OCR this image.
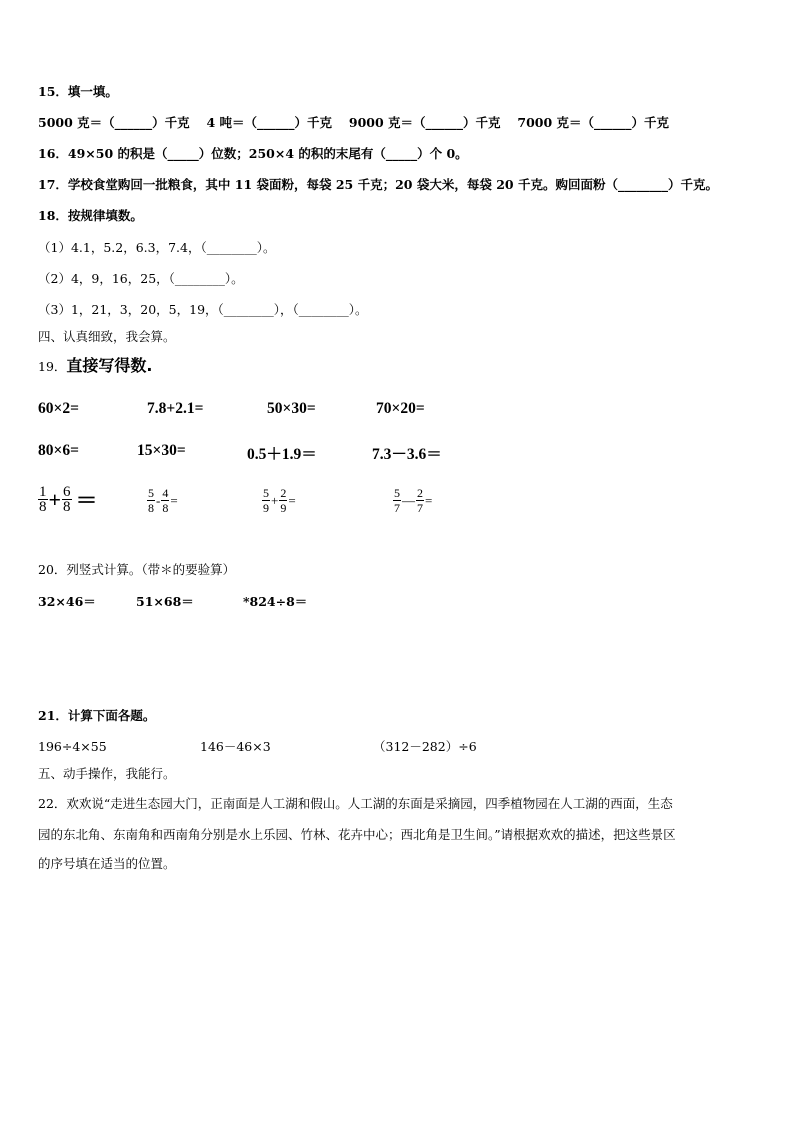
15．填一填。
5000 克＝（______）千克　 4 吨＝（______）千克　 9000 克＝（______）千克　 7000 克＝（______）千克
16．49×50 的积是（_____）位数；250×4 的积的末尾有（_____）个 0。
17．学校食堂购回一批粮食，其中 11 袋面粉，每袋 25 千克；20 袋大米，每袋 20 千克。购回面粉（________）千克。
18．按规律填数。
（1）4.1，5.2，6.3，7.4，（________）。
（2）4，9，16，25，（________）。
（3）1，21，3，20，5，19，（________），（________）。
四、认真细致，我会算。
19．直接写得数.
60×2=	7.8+2.1=	50×30=	70×20=
80×6=	15×30=	0.5＋1.9＝	7.3－3.6＝
$\frac{1}{8} + \frac{6}{8}$ ＝	$\frac{5}{8} - \frac{4}{8}$ =	$\frac{5}{9} + \frac{2}{9}$ =	$\frac{5}{7}$ — $\frac{2}{7}$ =
20．列竖式计算。（带＊的要验算）
32×46＝	51×68＝	*824÷8＝
21．计算下面各题。
196÷4×55	146－46×3	（312－282）÷6
五、动手操作，我能行。
22．欢欢说“走进生态园大门，正南面是人工湖和假山。人工湖的东面是采摘园，四季植物园在人工湖的西面，生态
园的东北角、东南角和西南角分别是水上乐园、竹林、花卉中心；西北角是卫生间。”请根据欢欢的描述，把这些景区
的序号填在适当的位置。
